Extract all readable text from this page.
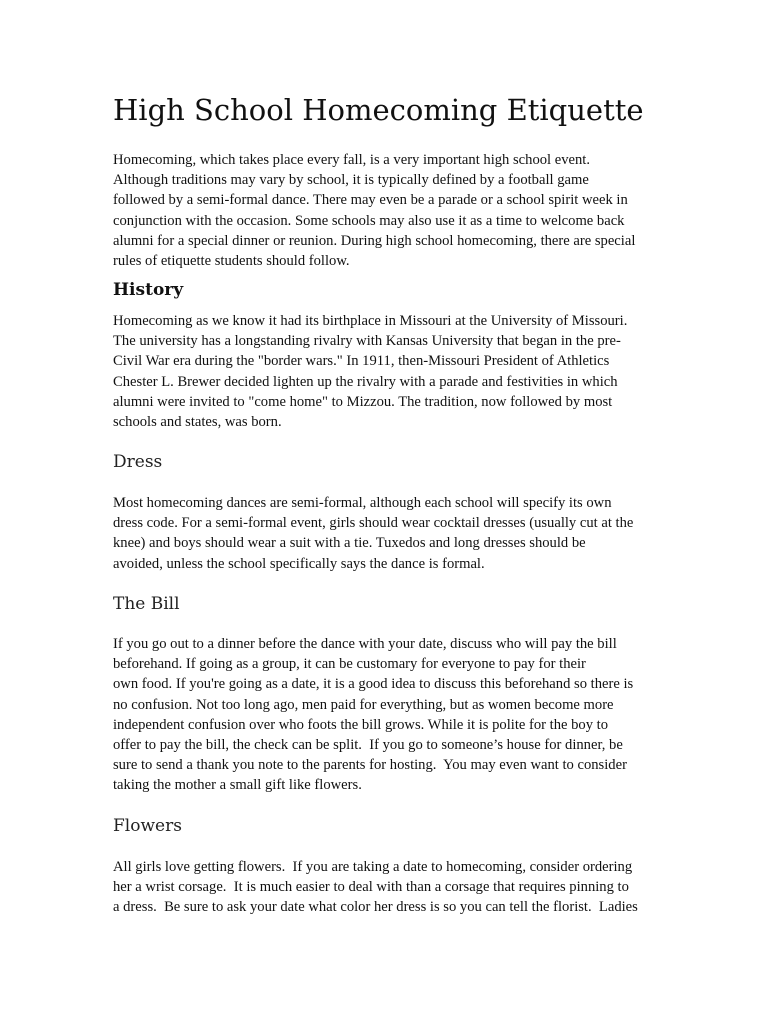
High School Homecoming Etiquette
Homecoming, which takes place every fall, is a very important high school event.
Although traditions may vary by school, it is typically defined by a football game
followed by a semi-formal dance. There may even be a parade or a school spirit week in
conjunction with the occasion. Some schools may also use it as a time to welcome back
alumni for a special dinner or reunion. During high school homecoming, there are special
rules of etiquette students should follow.
History
Homecoming as we know it had its birthplace in Missouri at the University of Missouri.
The university has a longstanding rivalry with Kansas University that began in the pre-
Civil War era during the "border wars." In 1911, then-Missouri President of Athletics
Chester L. Brewer decided lighten up the rivalry with a parade and festivities in which
alumni were invited to "come home" to Mizzou. The tradition, now followed by most
schools and states, was born.
Dress
Most homecoming dances are semi-formal, although each school will specify its own
dress code. For a semi-formal event, girls should wear cocktail dresses (usually cut at the
knee) and boys should wear a suit with a tie. Tuxedos and long dresses should be
avoided, unless the school specifically says the dance is formal.
The Bill
If you go out to a dinner before the dance with your date, discuss who will pay the bill
beforehand. If going as a group, it can be customary for everyone to pay for their
own food. If you're going as a date, it is a good idea to discuss this beforehand so there is
no confusion. Not too long ago, men paid for everything, but as women become more
independent confusion over who foots the bill grows. While it is polite for the boy to
offer to pay the bill, the check can be split.  If you go to someone’s house for dinner, be
sure to send a thank you note to the parents for hosting.  You may even want to consider
taking the mother a small gift like flowers.
Flowers
All girls love getting flowers.  If you are taking a date to homecoming, consider ordering
her a wrist corsage.  It is much easier to deal with than a corsage that requires pinning to
a dress.  Be sure to ask your date what color her dress is so you can tell the florist.  Ladies
